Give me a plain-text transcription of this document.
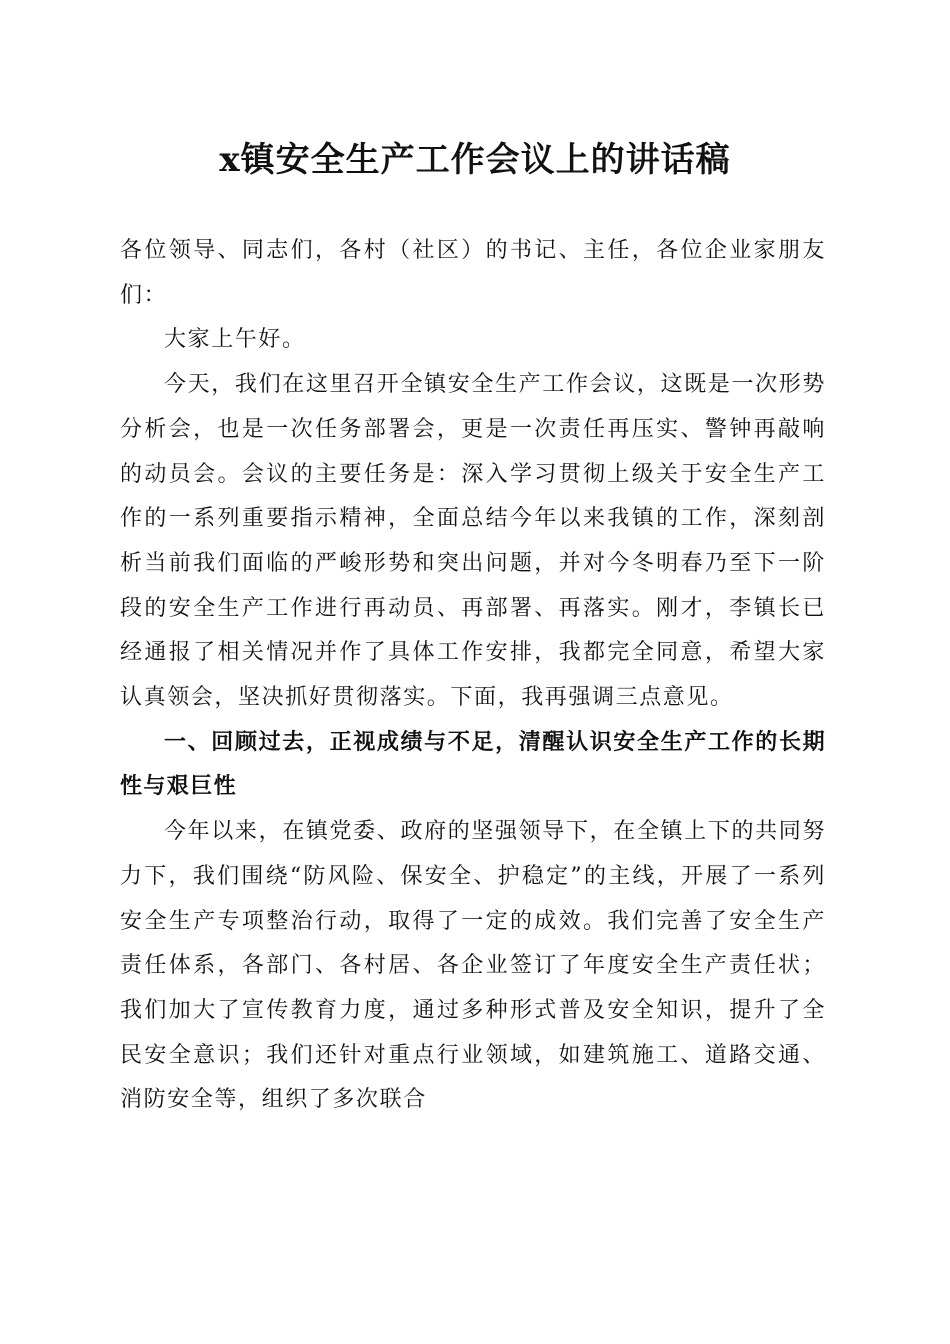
x镇安全生产工作会议上的讲话稿

各位领导、同志们，各村（社区）的书记、主任，各位企业家朋友们：

大家上午好。

今天，我们在这里召开全镇安全生产工作会议，这既是一次形势分析会，也是一次任务部署会，更是一次责任再压实、警钟再敲响的动员会。会议的主要任务是：深入学习贯彻上级关于安全生产工作的一系列重要指示精神，全面总结今年以来我镇的工作，深刻剖析当前我们面临的严峻形势和突出问题，并对今冬明春乃至下一阶段的安全生产工作进行再动员、再部署、再落实。刚才，李镇长已经通报了相关情况并作了具体工作安排，我都完全同意，希望大家认真领会，坚决抓好贯彻落实。下面，我再强调三点意见。

一、回顾过去，正视成绩与不足，清醒认识安全生产工作的长期性与艰巨性

今年以来，在镇党委、政府的坚强领导下，在全镇上下的共同努力下，我们围绕“防风险、保安全、护稳定”的主线，开展了一系列安全生产专项整治行动，取得了一定的成效。我们完善了安全生产责任体系，各部门、各村居、各企业签订了年度安全生产责任状；我们加大了宣传教育力度，通过多种形式普及安全知识，提升了全民安全意识；我们还针对重点行业领域，如建筑施工、道路交通、消防安全等，组织了多次联合
